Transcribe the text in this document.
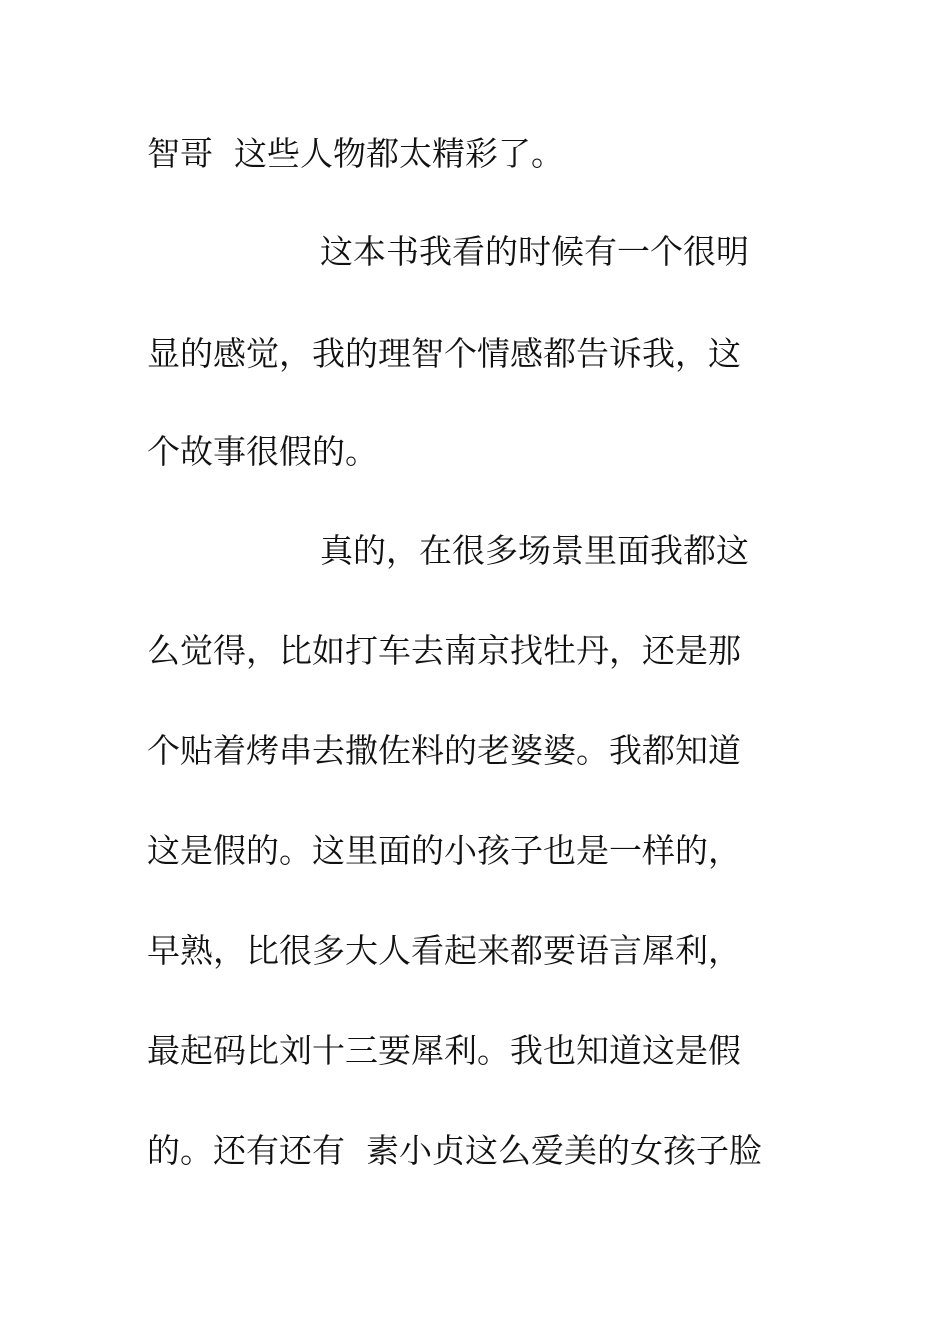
智哥  这些人物都太精彩了。
这本书我看的时候有一个很明
显的感觉，我的理智个情感都告诉我，这
个故事很假的。
真的，在很多场景里面我都这
么觉得，比如打车去南京找牡丹，还是那
个贴着烤串去撒佐料的老婆婆。我都知道
这是假的。这里面的小孩子也是一样的，
早熟，比很多大人看起来都要语言犀利，
最起码比刘十三要犀利。我也知道这是假
的。还有还有  素小贞这么爱美的女孩子脸
